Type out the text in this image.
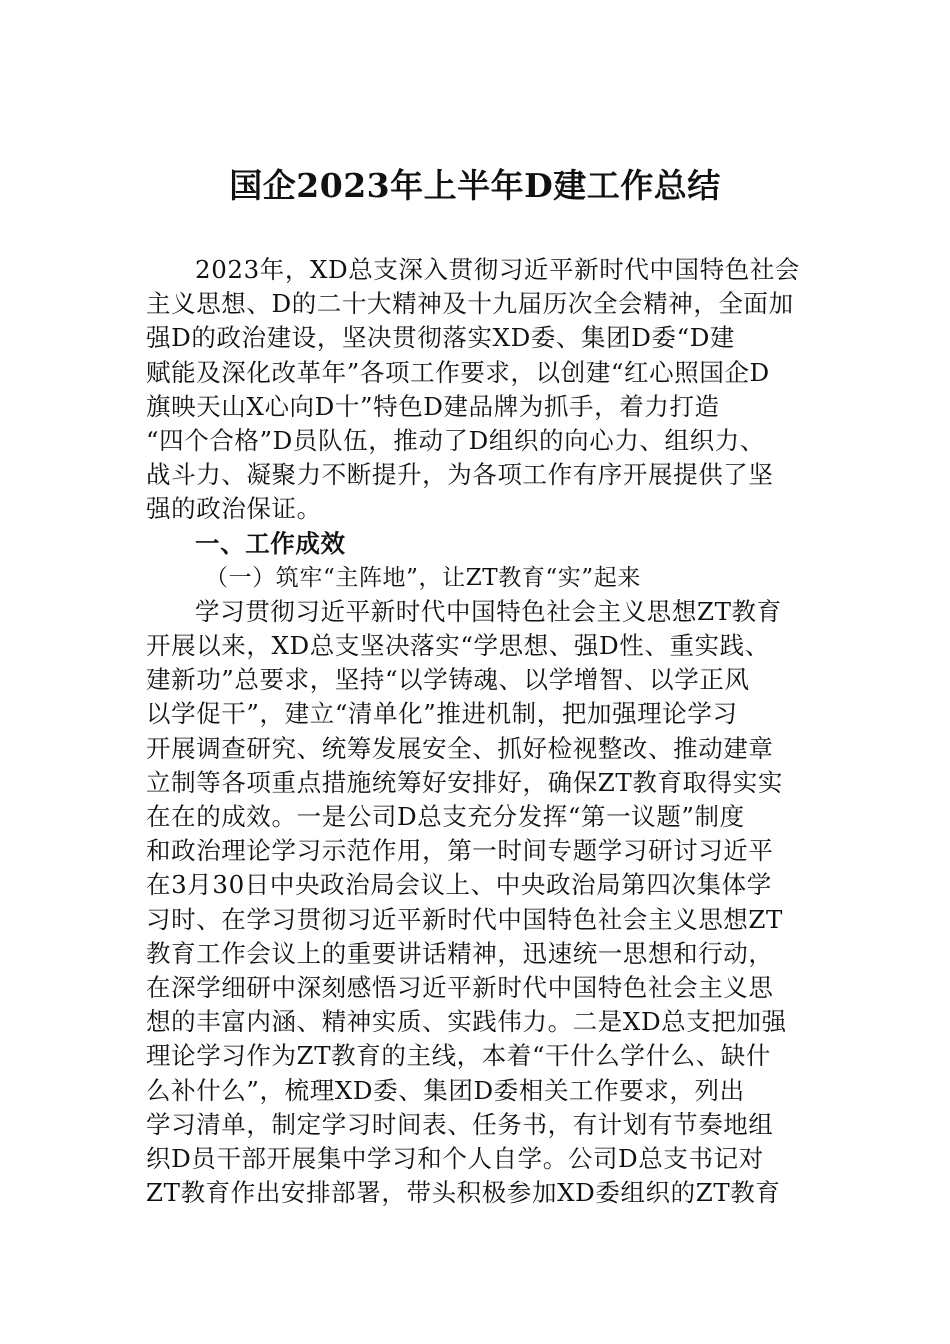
国企2023年上半年D建工作总结
2023年，XD总支深入贯彻习近平新时代中国特色社会
主义思想、D的二十大精神及十九届历次全会精神，全面加
强D的政治建设，坚决贯彻落实XD委、集团D委“D建
赋能及深化改革年”各项工作要求，以创建“红心照国企D
旗映天山X心向D十”特色D建品牌为抓手，着力打造
“四个合格”D员队伍，推动了D组织的向心力、组织力、
战斗力、凝聚力不断提升，为各项工作有序开展提供了坚
强的政治保证。
一、工作成效
（一）筑牢“主阵地”，让ZT教育“实”起来
学习贯彻习近平新时代中国特色社会主义思想ZT教育
开展以来，XD总支坚决落实“学思想、强D性、重实践、
建新功”总要求，坚持“以学铸魂、以学增智、以学正风
以学促干”，建立“清单化”推进机制，把加强理论学习
开展调查研究、统筹发展安全、抓好检视整改、推动建章
立制等各项重点措施统筹好安排好，确保ZT教育取得实实
在在的成效。一是公司D总支充分发挥“第一议题”制度
和政治理论学习示范作用，第一时间专题学习研讨习近平
在3月30日中央政治局会议上、中央政治局第四次集体学
习时、在学习贯彻习近平新时代中国特色社会主义思想ZT
教育工作会议上的重要讲话精神，迅速统一思想和行动，
在深学细研中深刻感悟习近平新时代中国特色社会主义思
想的丰富内涵、精神实质、实践伟力。二是XD总支把加强
理论学习作为ZT教育的主线，本着“干什么学什么、缺什
么补什么”，梳理XD委、集团D委相关工作要求，列出
学习清单，制定学习时间表、任务书，有计划有节奏地组
织D员干部开展集中学习和个人自学。公司D总支书记对
ZT教育作出安排部署，带头积极参加XD委组织的ZT教育
